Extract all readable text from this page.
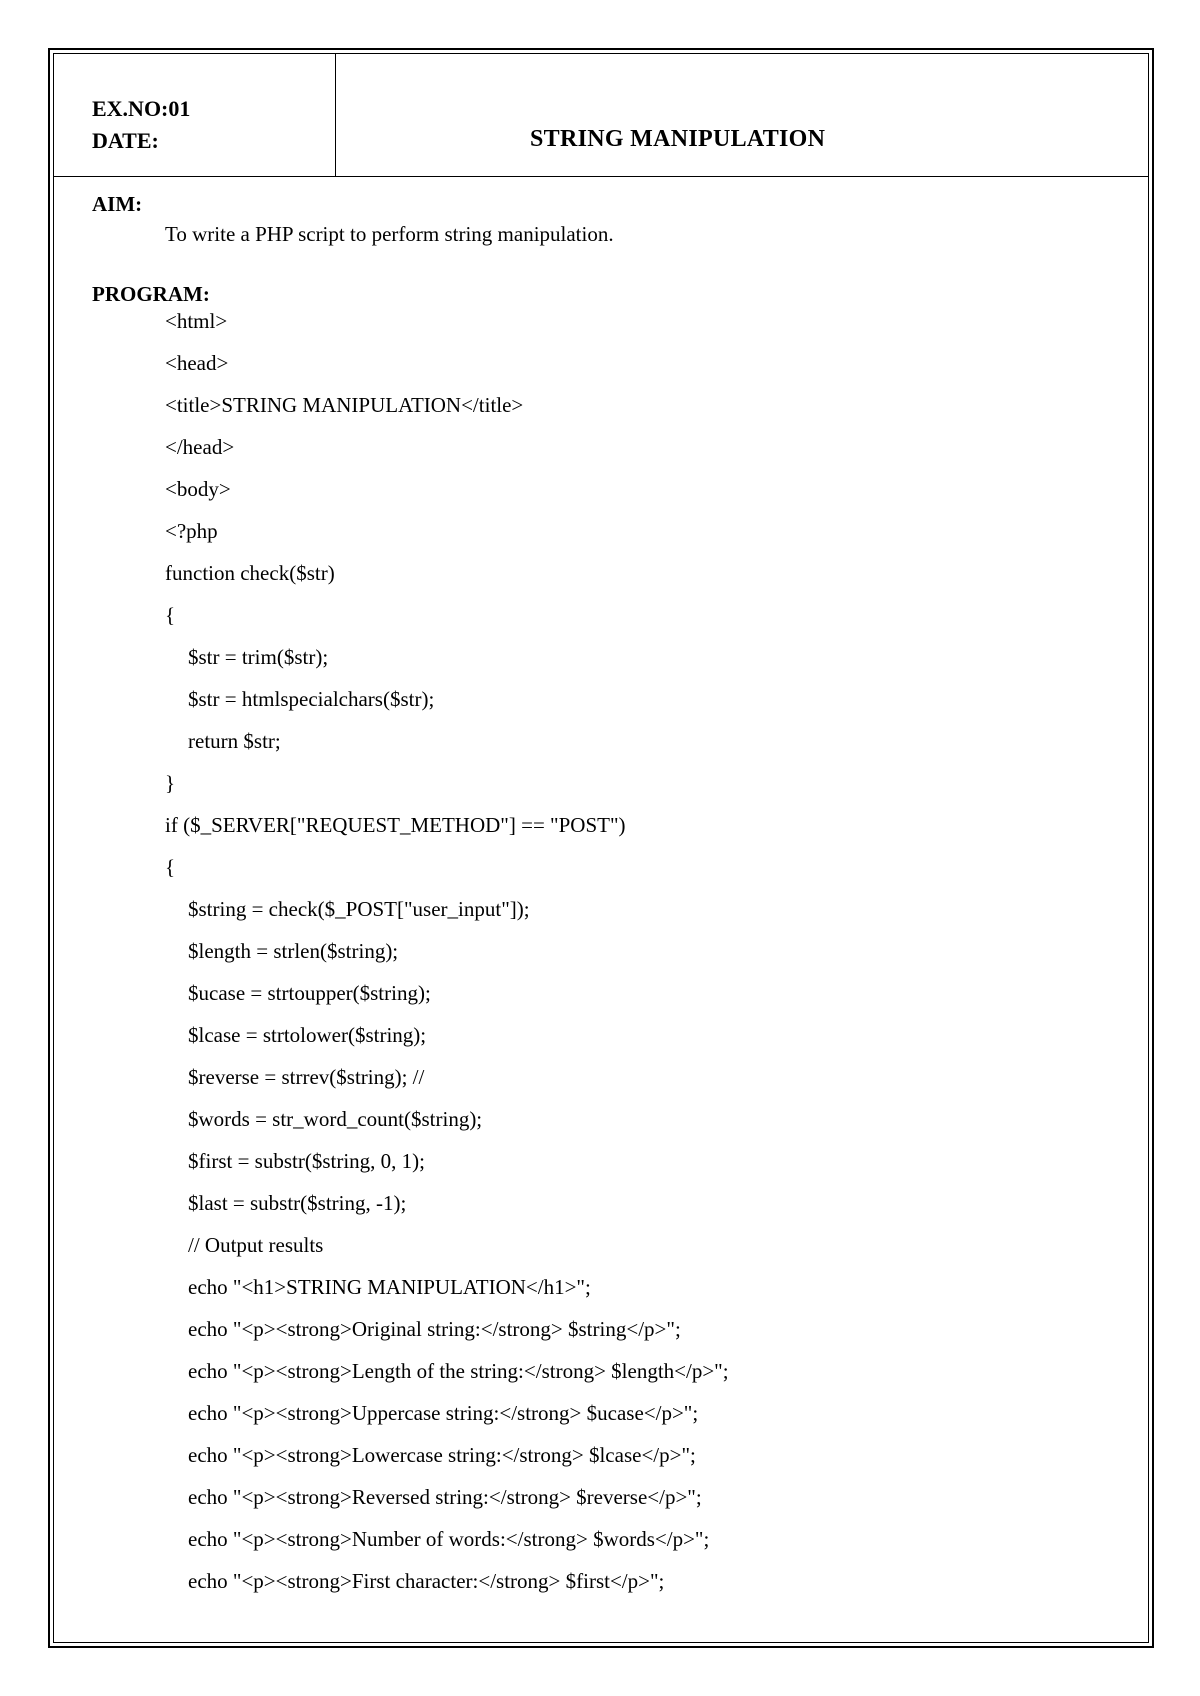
EX.NO:01
DATE:	STRING MANIPULATION
AIM:
To write a PHP script to perform string manipulation.
PROGRAM:
<html>
<head>
<title>STRING MANIPULATION</title>
</head>
<body>
<?php
function check($str)
{
$str = trim($str);
$str = htmlspecialchars($str);
return $str;
}
if ($_SERVER["REQUEST_METHOD"] == "POST")
{
$string = check($_POST["user_input"]);
$length = strlen($string);
$ucase = strtoupper($string);
$lcase = strtolower($string);
$reverse = strrev($string); //
$words = str_word_count($string);
$first = substr($string, 0, 1);
$last = substr($string, -1);
// Output results
echo "<h1>STRING MANIPULATION</h1>";
echo "<p><strong>Original string:</strong> $string</p>";
echo "<p><strong>Length of the string:</strong> $length</p>";
echo "<p><strong>Uppercase string:</strong> $ucase</p>";
echo "<p><strong>Lowercase string:</strong> $lcase</p>";
echo "<p><strong>Reversed string:</strong> $reverse</p>";
echo "<p><strong>Number of words:</strong> $words</p>";
echo "<p><strong>First character:</strong> $first</p>";
